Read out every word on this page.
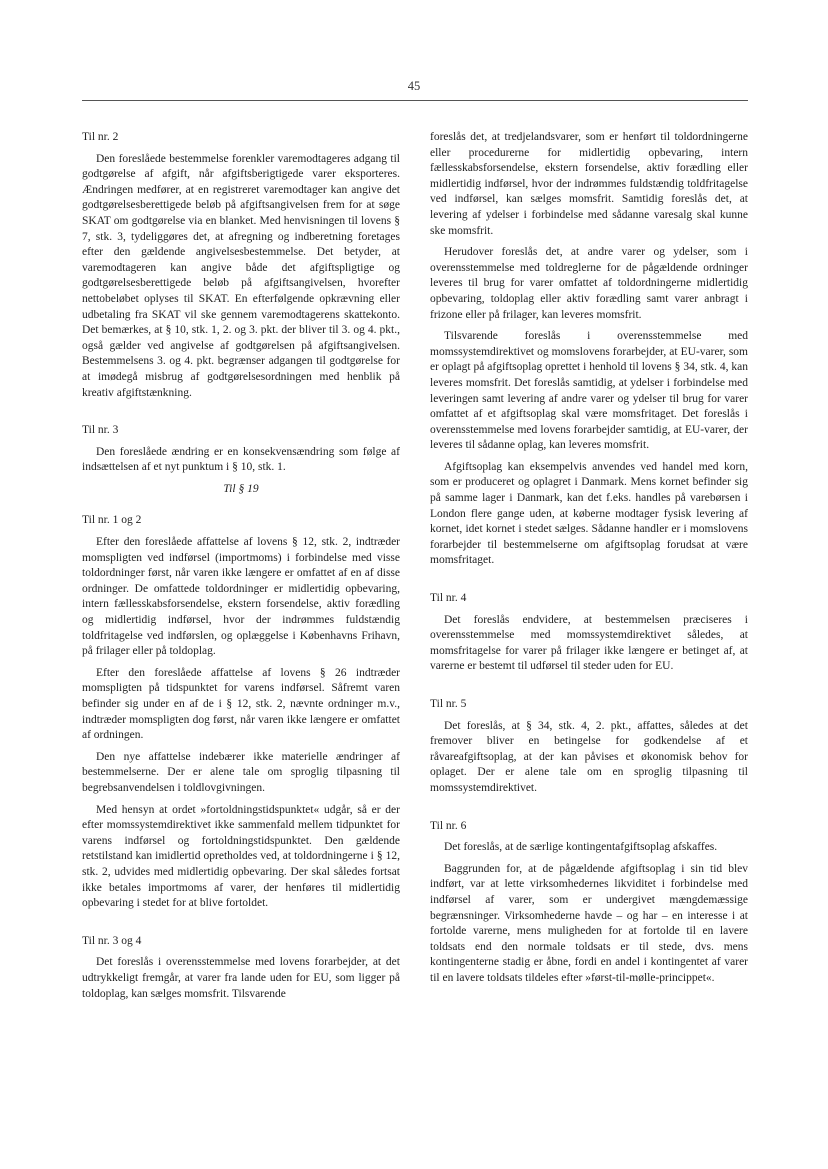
45
Til nr. 2

Den foreslåede bestemmelse forenkler varemodtageres adgang til godtgørelse af afgift, når afgiftsberigtigede varer eksporteres. Ændringen medfører, at en registreret varemodtager kan angive det godtgørelsesberettigede beløb på afgiftsangivelsen frem for at søge SKAT om godtgørelse via en blanket. Med henvisningen til lovens § 7, stk. 3, tydeliggøres det, at afregning og indberetning foretages efter den gældende angivelsesbestemmelse. Det betyder, at varemodtageren kan angive både det afgiftspligtige og godtgørelsesberettigede beløb på afgiftsangivelsen, hvorefter nettobeløbet oplyses til SKAT. En efterfølgende opkrævning eller udbetaling fra SKAT vil ske gennem varemodtagerens skattekonto. Det bemærkes, at § 10, stk. 1, 2. og 3. pkt. der bliver til 3. og 4. pkt., også gælder ved angivelse af godtgørelsen på afgiftsangivelsen. Bestemmelsens 3. og 4. pkt. begrænser adgangen til godtgørelse for at imødegå misbrug af godtgørelsesordningen med henblik på kreativ afgiftstænkning.

Til nr. 3

Den foreslåede ændring er en konsekvensændring som følge af indsættelsen af et nyt punktum i § 10, stk. 1.

Til § 19
Til nr. 1 og 2

Efter den foreslåede affattelse af lovens § 12, stk. 2, indtræder momspligten ved indførsel (importmoms) i forbindelse med visse toldordninger først, når varen ikke længere er omfattet af en af disse ordninger. De omfattede toldordninger er midlertidig opbevaring, intern fællesskabsforsendelse, ekstern forsendelse, aktiv forædling og midlertidig indførsel, hvor der indrømmes fuldstændig toldfritagelse ved indførslen, og oplæggelse i Københavns Frihavn, på frilager eller på toldoplag.

Efter den foreslåede affattelse af lovens § 26 indtræder momspligten på tidspunktet for varens indførsel. Såfremt varen befinder sig under en af de i § 12, stk. 2, nævnte ordninger m.v., indtræder momspligten dog først, når varen ikke længere er omfattet af ordningen.

Den nye affattelse indebærer ikke materielle ændringer af bestemmelserne. Der er alene tale om sproglig tilpasning til begrebsanvendelsen i toldlovgivningen.

Med hensyn at ordet »fortoldningstidspunktet« udgår, så er der efter momssystemdirektivet ikke sammenfald mellem tidpunktet for varens indførsel og fortoldningstidspunktet. Den gældende retstilstand kan imidlertid opretholdes ved, at toldordningerne i § 12, stk. 2, udvides med midlertidig opbevaring. Der skal således fortsat ikke betales importmoms af varer, der henføres til midlertidig opbevaring i stedet for at blive fortoldet.

Til nr. 3 og 4

Det foreslås i overensstemmelse med lovens forarbejder, at det udtrykkeligt fremgår, at varer fra lande uden for EU, som ligger på toldoplag, kan sælges momsfrit. Tilsvarende

foreslås det, at tredjelandsvarer, som er henført til toldordningerne eller procedurerne for midlertidig opbevaring, intern fællesskabsforsendelse, ekstern forsendelse, aktiv forædling eller midlertidig indførsel, hvor der indrømmes fuldstændig toldfritagelse ved indførsel, kan sælges momsfrit. Samtidig foreslås det, at levering af ydelser i forbindelse med sådanne varesalg skal kunne ske momsfrit.

Herudover foreslås det, at andre varer og ydelser, som i overensstemmelse med toldreglerne for de pågældende ordninger leveres til brug for varer omfattet af toldordningerne midlertidig opbevaring, toldoplag eller aktiv forædling samt varer anbragt i frizone eller på frilager, kan leveres momsfrit.

Tilsvarende foreslås i overensstemmelse med momssystemdirektivet og momslovens forarbejder, at EU-varer, som er oplagt på afgiftsoplag oprettet i henhold til lovens § 34, stk. 4, kan leveres momsfrit. Det foreslås samtidig, at ydelser i forbindelse med leveringen samt levering af andre varer og ydelser til brug for varer omfattet af et afgiftsoplag skal være momsfritaget. Det foreslås i overensstemmelse med lovens forarbejder samtidig, at EU-varer, der leveres til sådanne oplag, kan leveres momsfrit.

Afgiftsoplag kan eksempelvis anvendes ved handel med korn, som er produceret og oplagret i Danmark. Mens kornet befinder sig på samme lager i Danmark, kan det f.eks. handles på varebørsen i London flere gange uden, at køberne modtager fysisk levering af kornet, idet kornet i stedet sælges. Sådanne handler er i momslovens forarbejder til bestemmelserne om afgiftsoplag forudsat at være momsfritaget.

Til nr. 4

Det foreslås endvidere, at bestemmelsen præciseres i overensstemmelse med momssystemdirektivet således, at momsfritagelse for varer på frilager ikke længere er betinget af, at varerne er bestemt til udførsel til steder uden for EU.

Til nr. 5

Det foreslås, at § 34, stk. 4, 2. pkt., affattes, således at det fremover bliver en betingelse for godkendelse af et råvareafgiftsoplag, at der kan påvises et økonomisk behov for oplaget. Der er alene tale om en sproglig tilpasning til momssystemdirektivet.

Til nr. 6

Det foreslås, at de særlige kontingentafgiftsoplag afskaffes.

Baggrunden for, at de pågældende afgiftsoplag i sin tid blev indført, var at lette virksomhedernes likviditet i forbindelse med indførsel af varer, som er undergivet mængdemæssige begrænsninger. Virksomhederne havde – og har – en interesse i at fortolde varerne, mens muligheden for at fortolde til en lavere toldsats end den normale toldsats er til stede, dvs. mens kontingenterne stadig er åbne, fordi en andel i kontingentet af varer til en lavere toldsats tildeles efter »først-til-mølle-princippet«.
